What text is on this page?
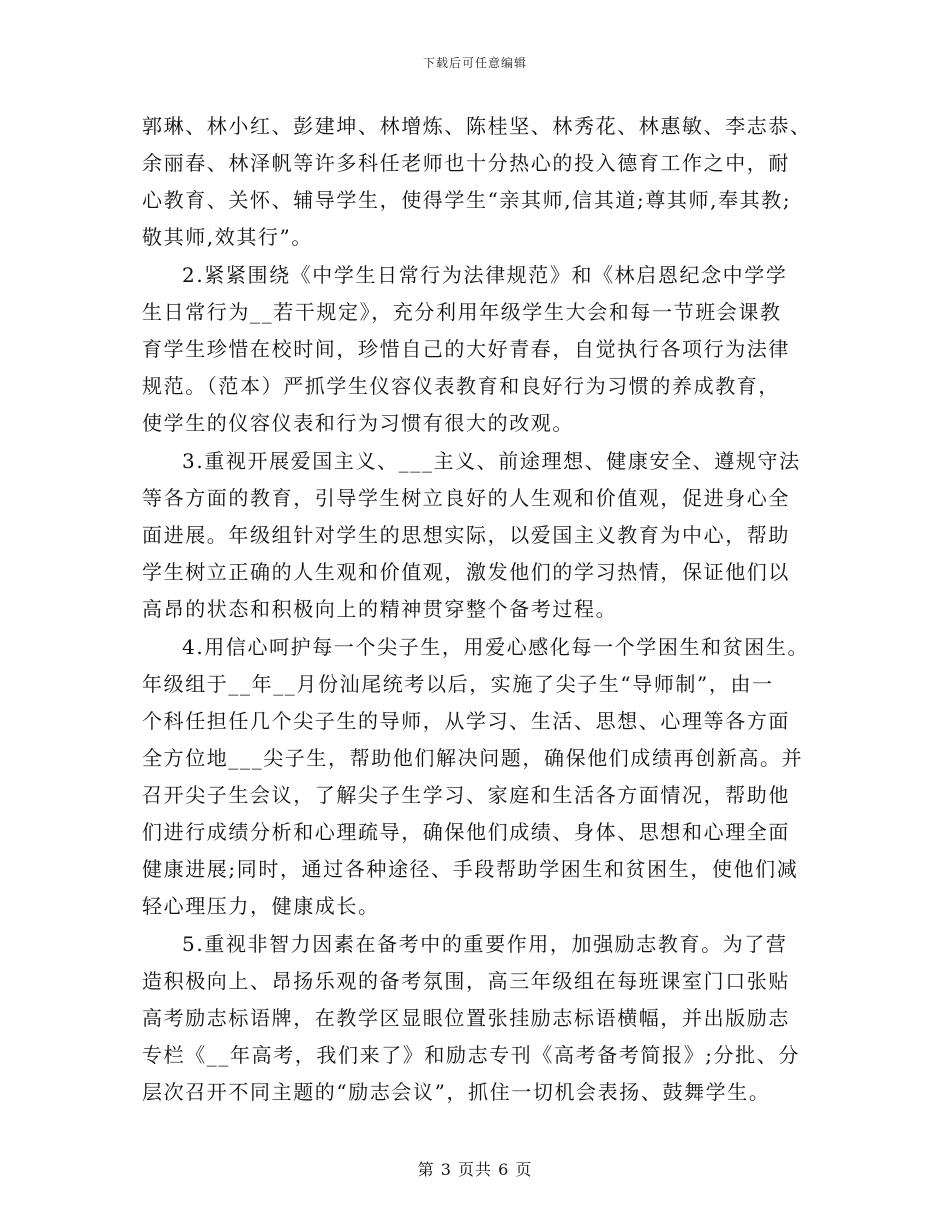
下载后可任意编辑
郭琳、林小红、彭建坤、林增炼、陈桂坚、林秀花、林惠敏、李志恭、
余丽春、林泽帆等许多科任老师也十分热心的投入德育工作之中，耐
心教育、关怀、辅导学生，使得学生“亲其师,信其道;尊其师,奉其教;
敬其师,效其行”。
2.紧紧围绕《中学生日常行为法律规范》和《林启恩纪念中学学
生日常行为__若干规定》，充分利用年级学生大会和每一节班会课教
育学生珍惜在校时间，珍惜自己的大好青春，自觉执行各项行为法律
规范。（范本）严抓学生仪容仪表教育和良好行为习惯的养成教育，
使学生的仪容仪表和行为习惯有很大的改观。
3.重视开展爱国主义、___主义、前途理想、健康安全、遵规守法
等各方面的教育，引导学生树立良好的人生观和价值观，促进身心全
面进展。年级组针对学生的思想实际，以爱国主义教育为中心，帮助
学生树立正确的人生观和价值观，激发他们的学习热情，保证他们以
高昂的状态和积极向上的精神贯穿整个备考过程。
4.用信心呵护每一个尖子生，用爱心感化每一个学困生和贫困生。
年级组于__年__月份汕尾统考以后，实施了尖子生“导师制”，由一
个科任担任几个尖子生的导师，从学习、生活、思想、心理等各方面
全方位地___尖子生，帮助他们解决问题，确保他们成绩再创新高。并
召开尖子生会议，了解尖子生学习、家庭和生活各方面情况，帮助他
们进行成绩分析和心理疏导，确保他们成绩、身体、思想和心理全面
健康进展;同时，通过各种途径、手段帮助学困生和贫困生，使他们减
轻心理压力，健康成长。
5.重视非智力因素在备考中的重要作用，加强励志教育。为了营
造积极向上、昂扬乐观的备考氛围，高三年级组在每班课室门口张贴
高考励志标语牌，在教学区显眼位置张挂励志标语横幅，并出版励志
专栏《__年高考，我们来了》和励志专刊《高考备考简报》;分批、分
层次召开不同主题的“励志会议”，抓住一切机会表扬、鼓舞学生。
第 3 页共 6 页
